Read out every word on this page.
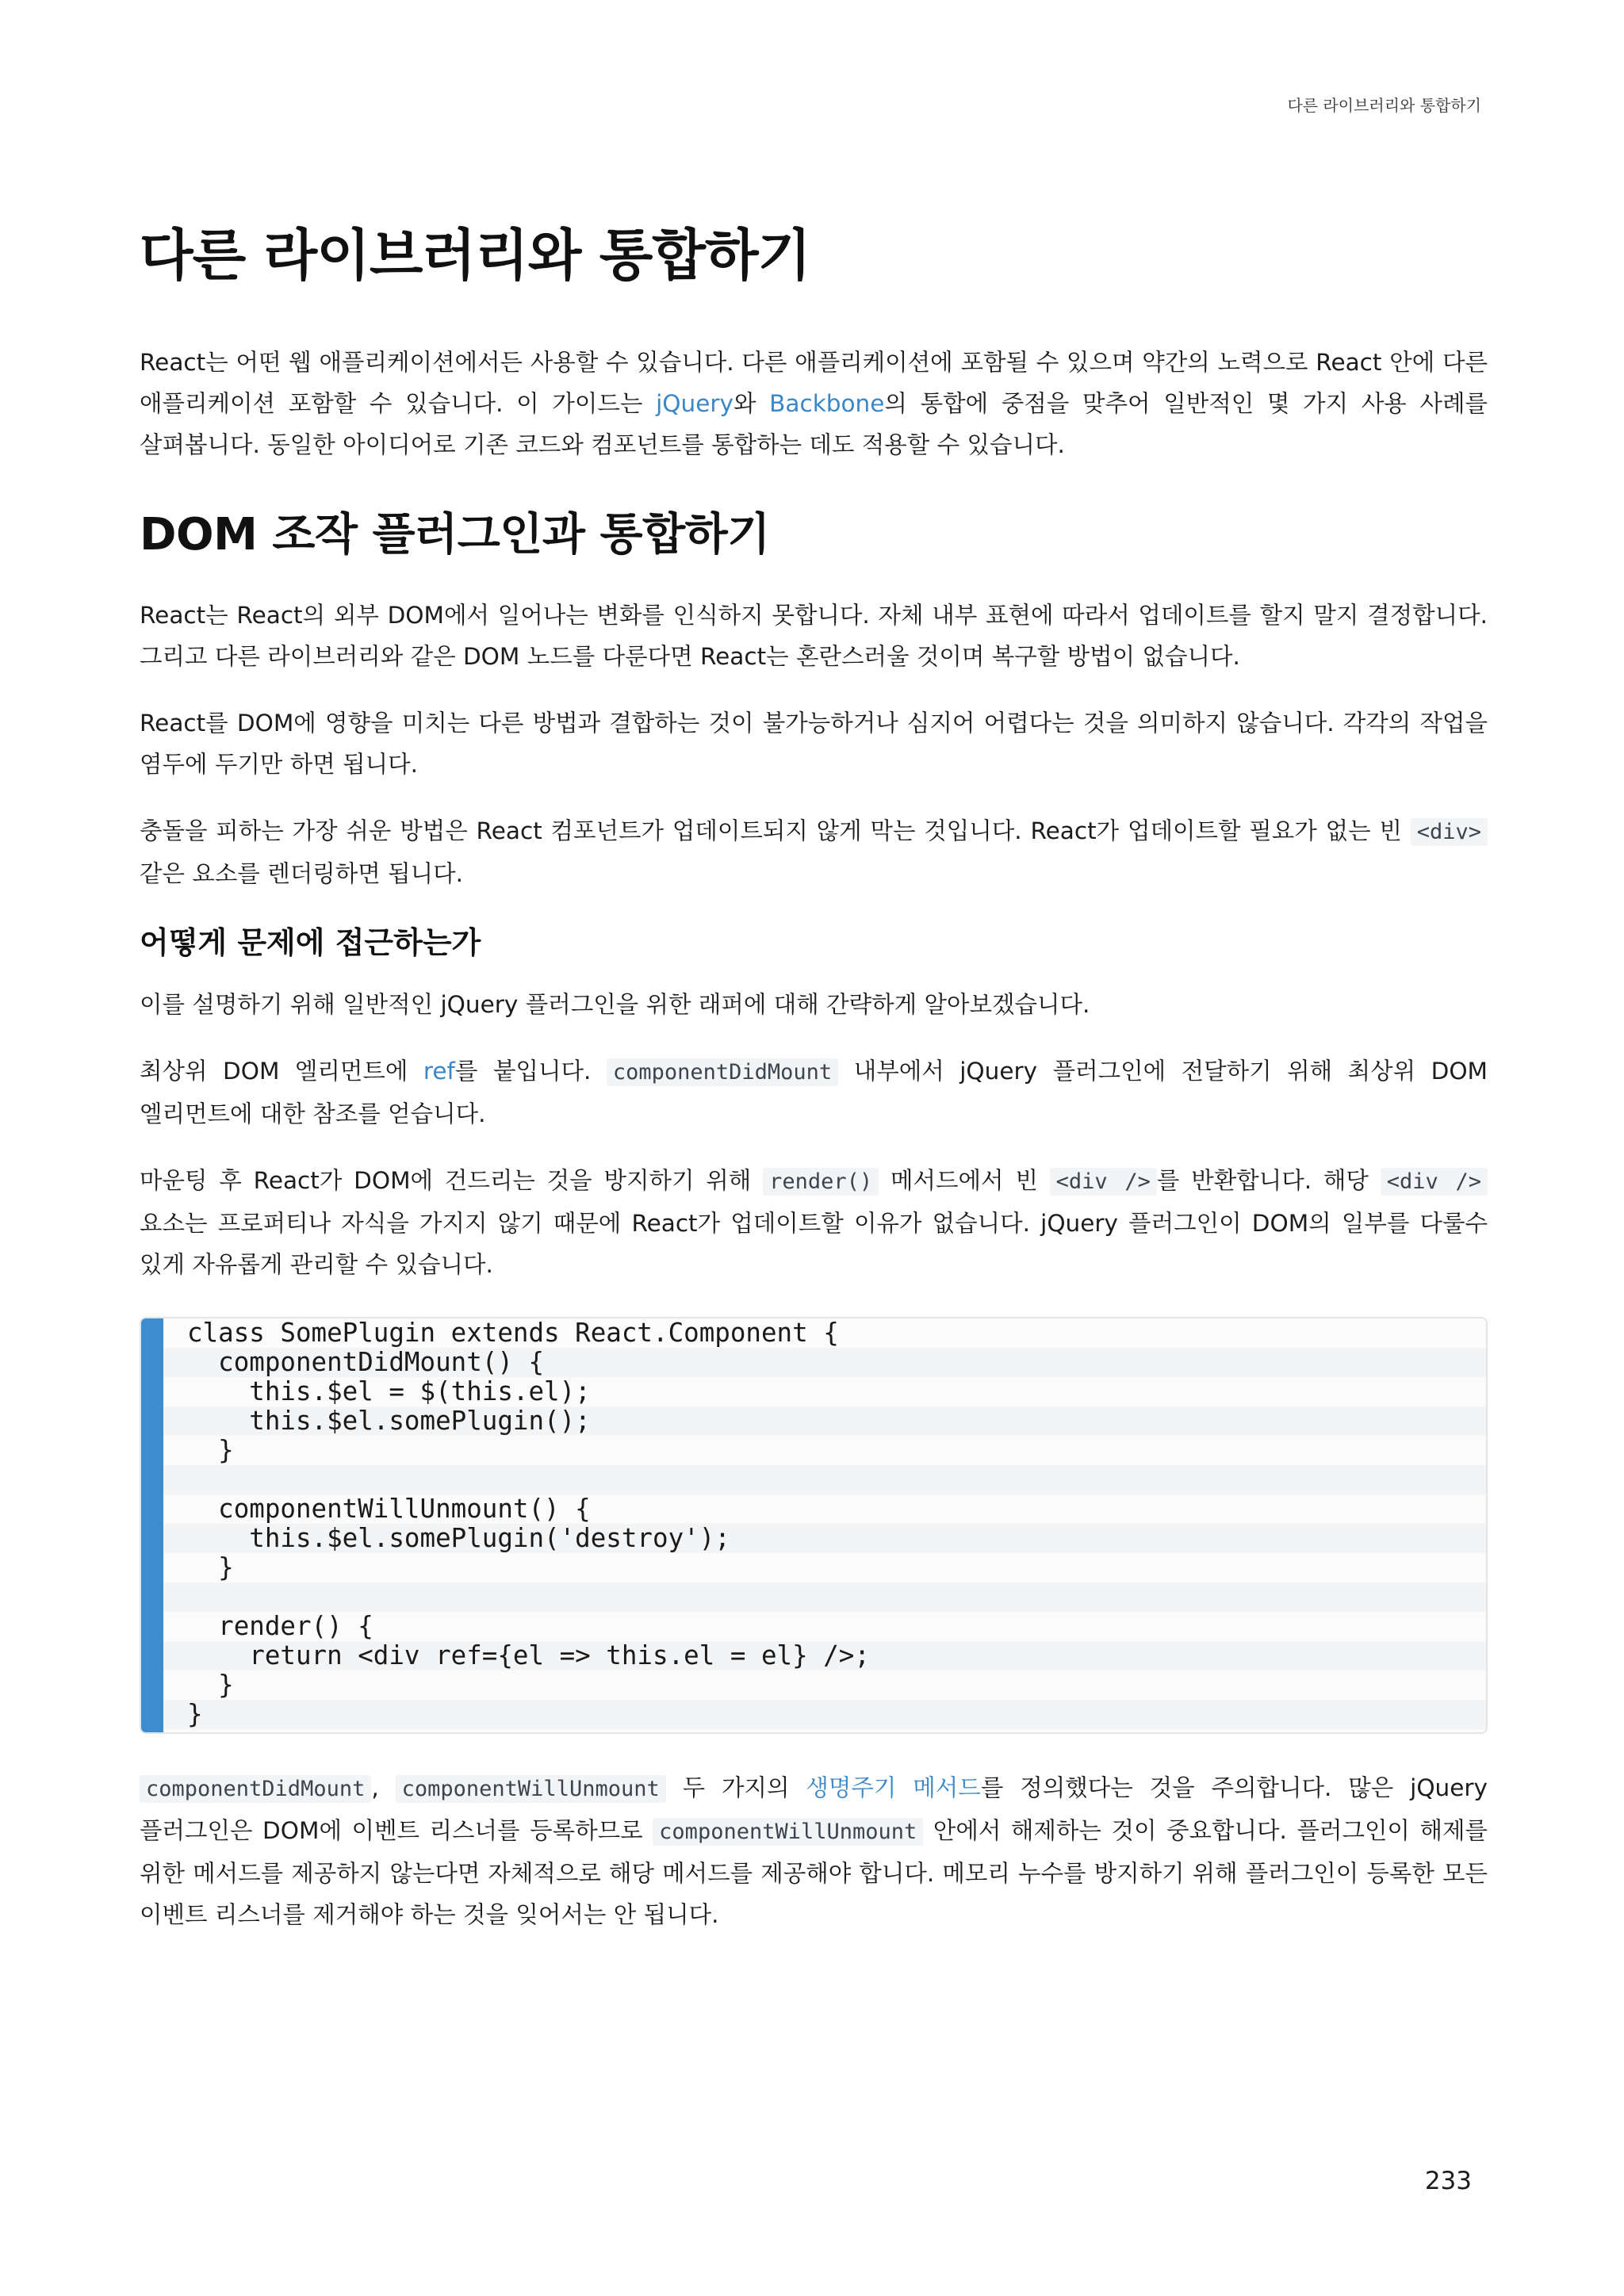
다른 라이브러리와 통합하기
다른 라이브러리와 통합하기

React는 어떤 웹 애플리케이션에서든 사용할 수 있습니다. 다른 애플리케이션에 포함될 수 있으며 약간의 노력으로 React 안에 다른 애플리케이션 포함할 수 있습니다. 이 가이드는 jQuery와 Backbone의 통합에 중점을 맞추어 일반적인 몇 가지 사용 사례를 살펴봅니다. 동일한 아이디어로 기존 코드와 컴포넌트를 통합하는 데도 적용할 수 있습니다.

DOM 조작 플러그인과 통합하기

React는 React의 외부 DOM에서 일어나는 변화를 인식하지 못합니다. 자체 내부 표현에 따라서 업데이트를 할지 말지 결정합니다. 그리고 다른 라이브러리와 같은 DOM 노드를 다룬다면 React는 혼란스러울 것이며 복구할 방법이 없습니다.

React를 DOM에 영향을 미치는 다른 방법과 결합하는 것이 불가능하거나 심지어 어렵다는 것을 의미하지 않습니다. 각각의 작업을 염두에 두기만 하면 됩니다.

충돌을 피하는 가장 쉬운 방법은 React 컴포넌트가 업데이트되지 않게 막는 것입니다. React가 업데이트할 필요가 없는 빈 <div> 같은 요소를 렌더링하면 됩니다.

어떻게 문제에 접근하는가

이를 설명하기 위해 일반적인 jQuery 플러그인을 위한 래퍼에 대해 간략하게 알아보겠습니다.

최상위 DOM 엘리먼트에 ref를 붙입니다. componentDidMount 내부에서 jQuery 플러그인에 전달하기 위해 최상위 DOM 엘리먼트에 대한 참조를 얻습니다.

마운팅 후 React가 DOM에 건드리는 것을 방지하기 위해 render() 메서드에서 빈 <div /> 를 반환합니다. 해당 <div /> 요소는 프로퍼티나 자식을 가지지 않기 때문에 React가 업데이트할 이유가 없습니다. jQuery 플러그인이 DOM의 일부를 다룰수 있게 자유롭게 관리할 수 있습니다.

class SomePlugin extends React.Component {
componentDidMount() {
this.$el = $(this.el);
this.$el.somePlugin();
}

componentWillUnmount() {
this.$el.somePlugin('destroy');
}

render() {
return <div ref={el => this.el = el} />;
}
}

componentDidMount , componentWillUnmount 두 가지의 생명주기 메서드를 정의했다는 것을 주의합니다. 많은 jQuery 플러그인은 DOM에 이벤트 리스너를 등록하므로 componentWillUnmount 안에서 해제하는 것이 중요합니다. 플러그인이 해제를 위한 메서드를 제공하지 않는다면 자체적으로 해당 메서드를 제공해야 합니다. 메모리 누수를 방지하기 위해 플러그인이 등록한 모든 이벤트 리스너를 제거해야 하는 것을 잊어서는 안 됩니다.

233
